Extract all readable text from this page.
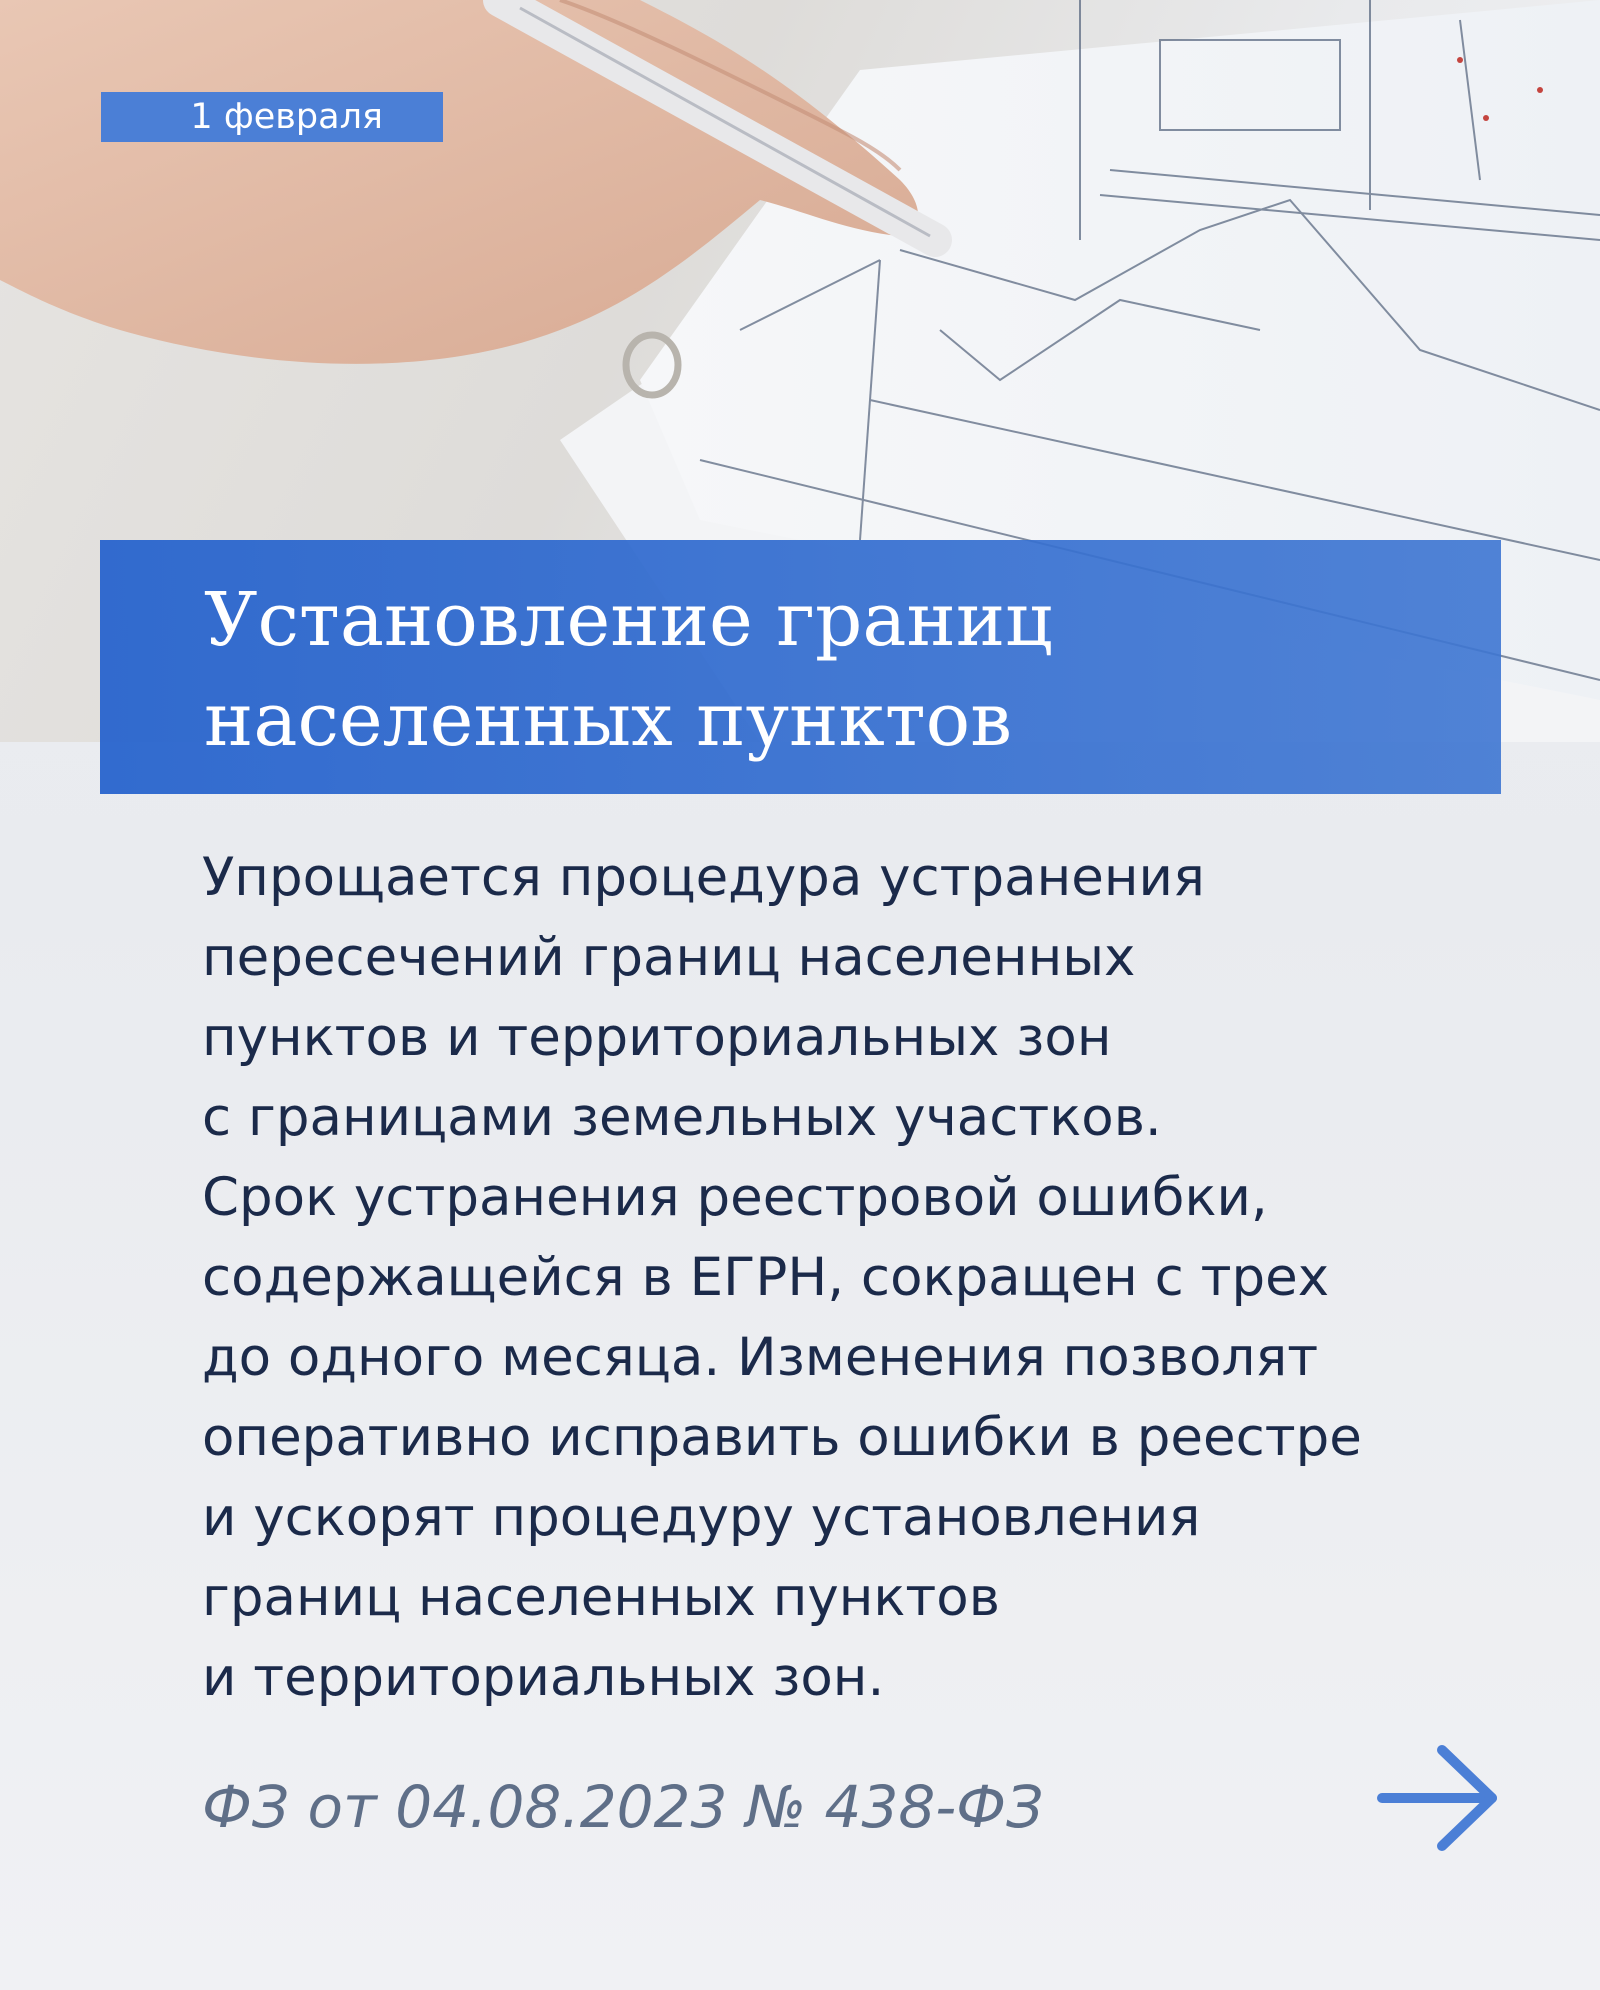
1 февраля
Установление границ
населенных пунктов
Упрощается процедура устранения
пересечений границ населенных
пунктов и территориальных зон
с границами земельных участков.
Срок устранения реестровой ошибки,
содержащейся в ЕГРН, сокращен с трех
до одного месяца. Изменения позволят
оперативно исправить ошибки в реестре
и ускорят процедуру установления
границ населенных пунктов
и территориальных зон.
ФЗ от 04.08.2023 № 438-ФЗ
